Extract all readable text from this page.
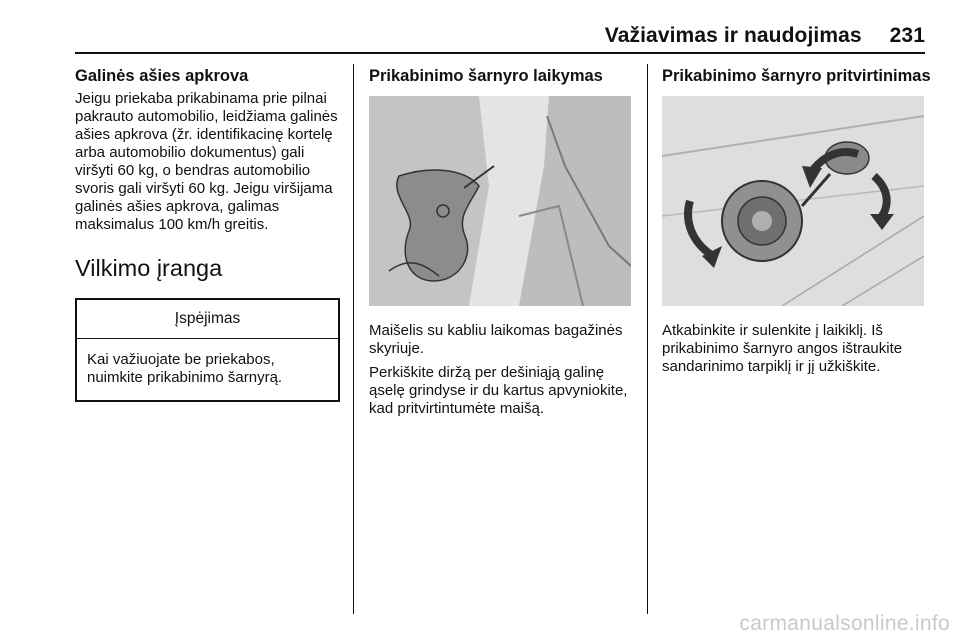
Važiavimas ir naudojimas 231
Galinės ašies apkrova

Jeigu priekaba prikabinama prie pilnai pakrauto automobilio, leidžiama galinės ašies apkrova (žr. identifikacinę kortelę arba automobilio dokumentus) gali viršyti 60 kg, o bendras automobilio svoris gali viršyti 60 kg. Jeigu viršijama galinės ašies apkrova, galimas maksimalus 100 km/h greitis.

Vilkimo įranga
Įspėjimas
Kai važiuojate be priekabos, nuimkite prikabinimo šarnyrą.
Prikabinimo šarnyro laikymas

Maišelis su kabliu laikomas bagažinės skyriuje.

Perkiškite diržą per dešiniąją galinę ąselę grindyse ir du kartus apvyniokite, kad pritvirtintumėte maišą.

Prikabinimo šarnyro pritvirtinimas

Atkabinkite ir sulenkite į laikiklį. Iš prikabinimo šarnyro angos ištraukite sandarinimo tarpiklį ir jį užkiškite.

carmanualsonline.info
